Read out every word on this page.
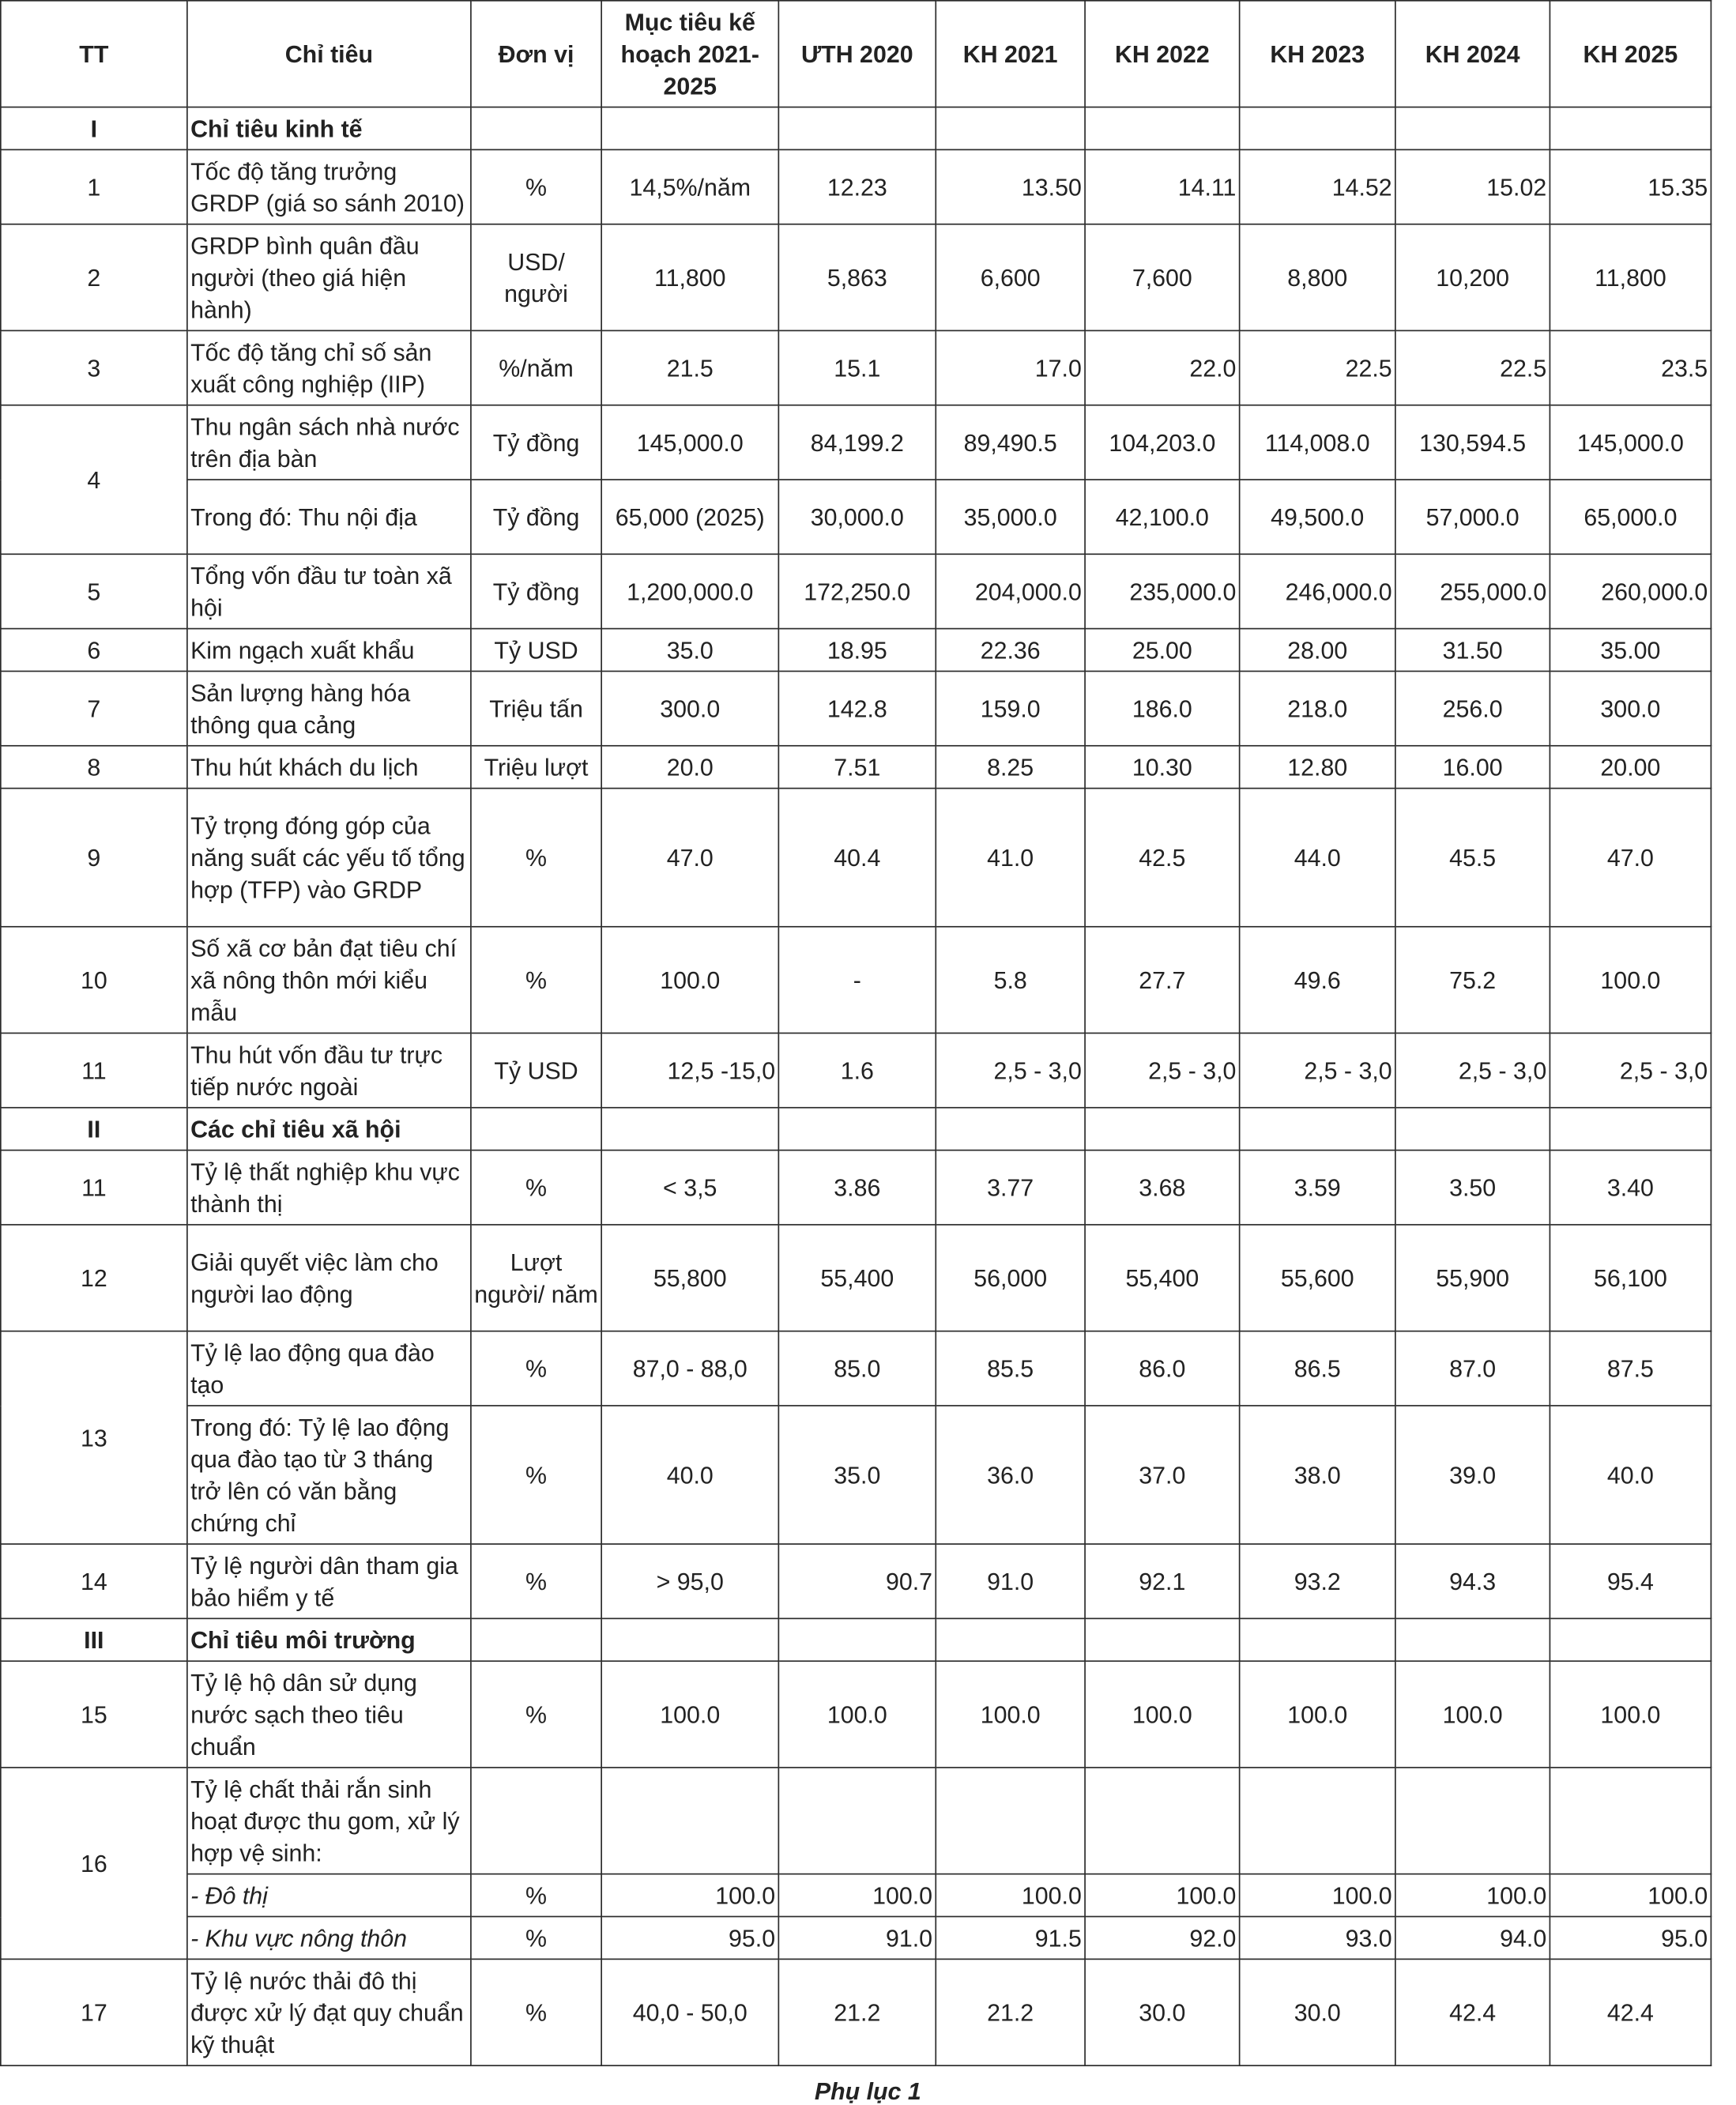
TT	Chỉ tiêu	Đơn vị	Mục tiêu kế hoạch 2021-2025	ƯTH 2020	KH 2021	KH 2022	KH 2023	KH 2024	KH 2025
I	Chỉ tiêu kinh tế								
1	Tốc độ tăng trưởng GRDP (giá so sánh 2010)	%	14,5%/năm	12.23	13.50	14.11	14.52	15.02	15.35
2	GRDP bình quân đầu người (theo giá hiện hành)	USD/ người	11,800	5,863	6,600	7,600	8,800	10,200	11,800
3	Tốc độ tăng chỉ số sản xuất công nghiệp (IIP)	%/năm	21.5	15.1	17.0	22.0	22.5	22.5	23.5
4	Thu ngân sách nhà nước trên địa bàn	Tỷ đồng	145,000.0	84,199.2	89,490.5	104,203.0	114,008.0	130,594.5	145,000.0
	Trong đó: Thu nội địa	Tỷ đồng	65,000 (2025)	30,000.0	35,000.0	42,100.0	49,500.0	57,000.0	65,000.0
5	Tổng vốn đầu tư toàn xã hội	Tỷ đồng	1,200,000.0	172,250.0	204,000.0	235,000.0	246,000.0	255,000.0	260,000.0
6	Kim ngạch xuất khẩu	Tỷ USD	35.0	18.95	22.36	25.00	28.00	31.50	35.00
7	Sản lượng hàng hóa thông qua cảng	Triệu tấn	300.0	142.8	159.0	186.0	218.0	256.0	300.0
8	Thu hút khách du lịch	Triệu lượt	20.0	7.51	8.25	10.30	12.80	16.00	20.00
9	Tỷ trọng đóng góp của năng suất các yếu tố tổng hợp (TFP) vào GRDP	%	47.0	40.4	41.0	42.5	44.0	45.5	47.0
10	Số xã cơ bản đạt tiêu chí xã nông thôn mới kiểu mẫu	%	100.0	-	5.8	27.7	49.6	75.2	100.0
11	Thu hút vốn đầu tư trực tiếp nước ngoài	Tỷ USD	12,5 -15,0	1.6	2,5 - 3,0	2,5 - 3,0	2,5 - 3,0	2,5 - 3,0	2,5 - 3,0
II	Các chỉ tiêu xã hội								
11	Tỷ lệ thất nghiệp khu vực thành thị	%	< 3,5	3.86	3.77	3.68	3.59	3.50	3.40
12	Giải quyết việc làm cho người lao động	Lượt người/ năm	55,800	55,400	56,000	55,400	55,600	55,900	56,100
13	Tỷ lệ lao động qua đào tạo	%	87,0 - 88,0	85.0	85.5	86.0	86.5	87.0	87.5
	Trong đó: Tỷ lệ lao động qua đào tạo từ 3 tháng trở lên có văn bằng chứng chỉ	%	40.0	35.0	36.0	37.0	38.0	39.0	40.0
14	Tỷ lệ người dân tham gia bảo hiểm y tế	%	> 95,0	90.7	91.0	92.1	93.2	94.3	95.4
III	Chỉ tiêu môi trường								
15	Tỷ lệ hộ dân sử dụng nước sạch theo tiêu chuẩn	%	100.0	100.0	100.0	100.0	100.0	100.0	100.0
16	Tỷ lệ chất thải rắn sinh hoạt được thu gom, xử lý hợp vệ sinh:								
	- Đô thị	%	100.0	100.0	100.0	100.0	100.0	100.0	100.0
	- Khu vực nông thôn	%	95.0	91.0	91.5	92.0	93.0	94.0	95.0
17	Tỷ lệ nước thải đô thị được xử lý đạt quy chuẩn kỹ thuật	%	40,0 - 50,0	21.2	21.2	30.0	30.0	42.4	42.4
Phụ lục 1
